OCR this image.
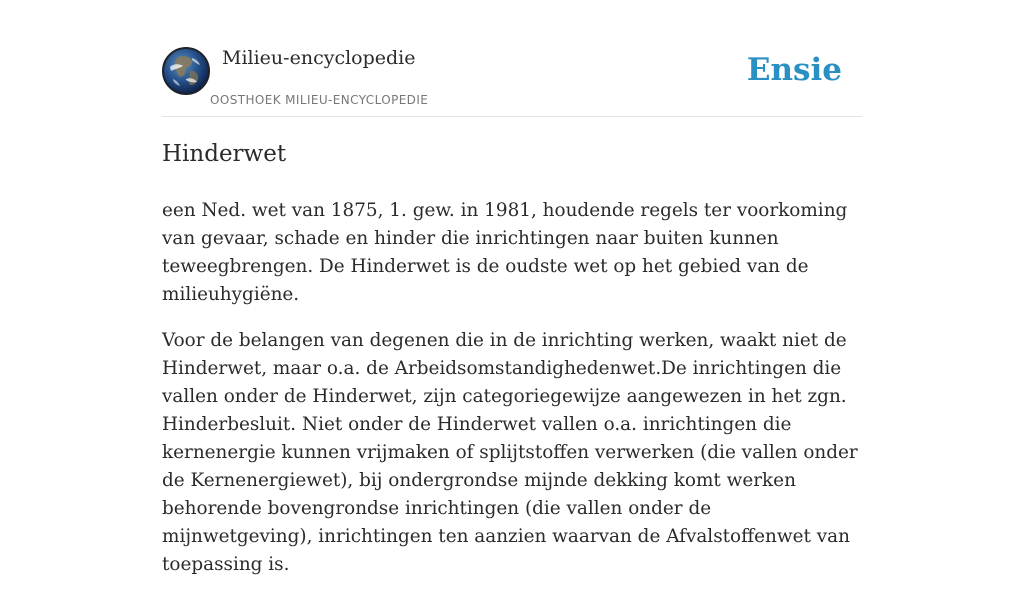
Milieu-encyclopedie
OOSTHOEK MILIEU-ENCYCLOPEDIE
Ensie
Hinderwet

een Ned. wet van 1875, 1. gew. in 1981, houdende regels ter voorkoming van gevaar, schade en hinder die inrichtingen naar buiten kunnen teweegbrengen. De Hinderwet is de oudste wet op het gebied van de milieuhygiëne.

Voor de belangen van degenen die in de inrichting werken, waakt niet de Hinderwet, maar o.a. de Arbeidsomstandighedenwet.De inrichtingen die vallen onder de Hinderwet, zijn categoriegewijze aangewezen in het zgn. Hinderbesluit. Niet onder de Hinderwet vallen o.a. inrichtingen die kernenergie kunnen vrijmaken of splijtstoffen verwerken (die vallen onder de Kernenergiewet), bij ondergrondse mijnde dekking komt werken behorende bovengrondse inrichtingen (die vallen onder de mijnwetgeving), inrichtingen ten aanzien waarvan de Afvalstoffenwet van toepassing is.
